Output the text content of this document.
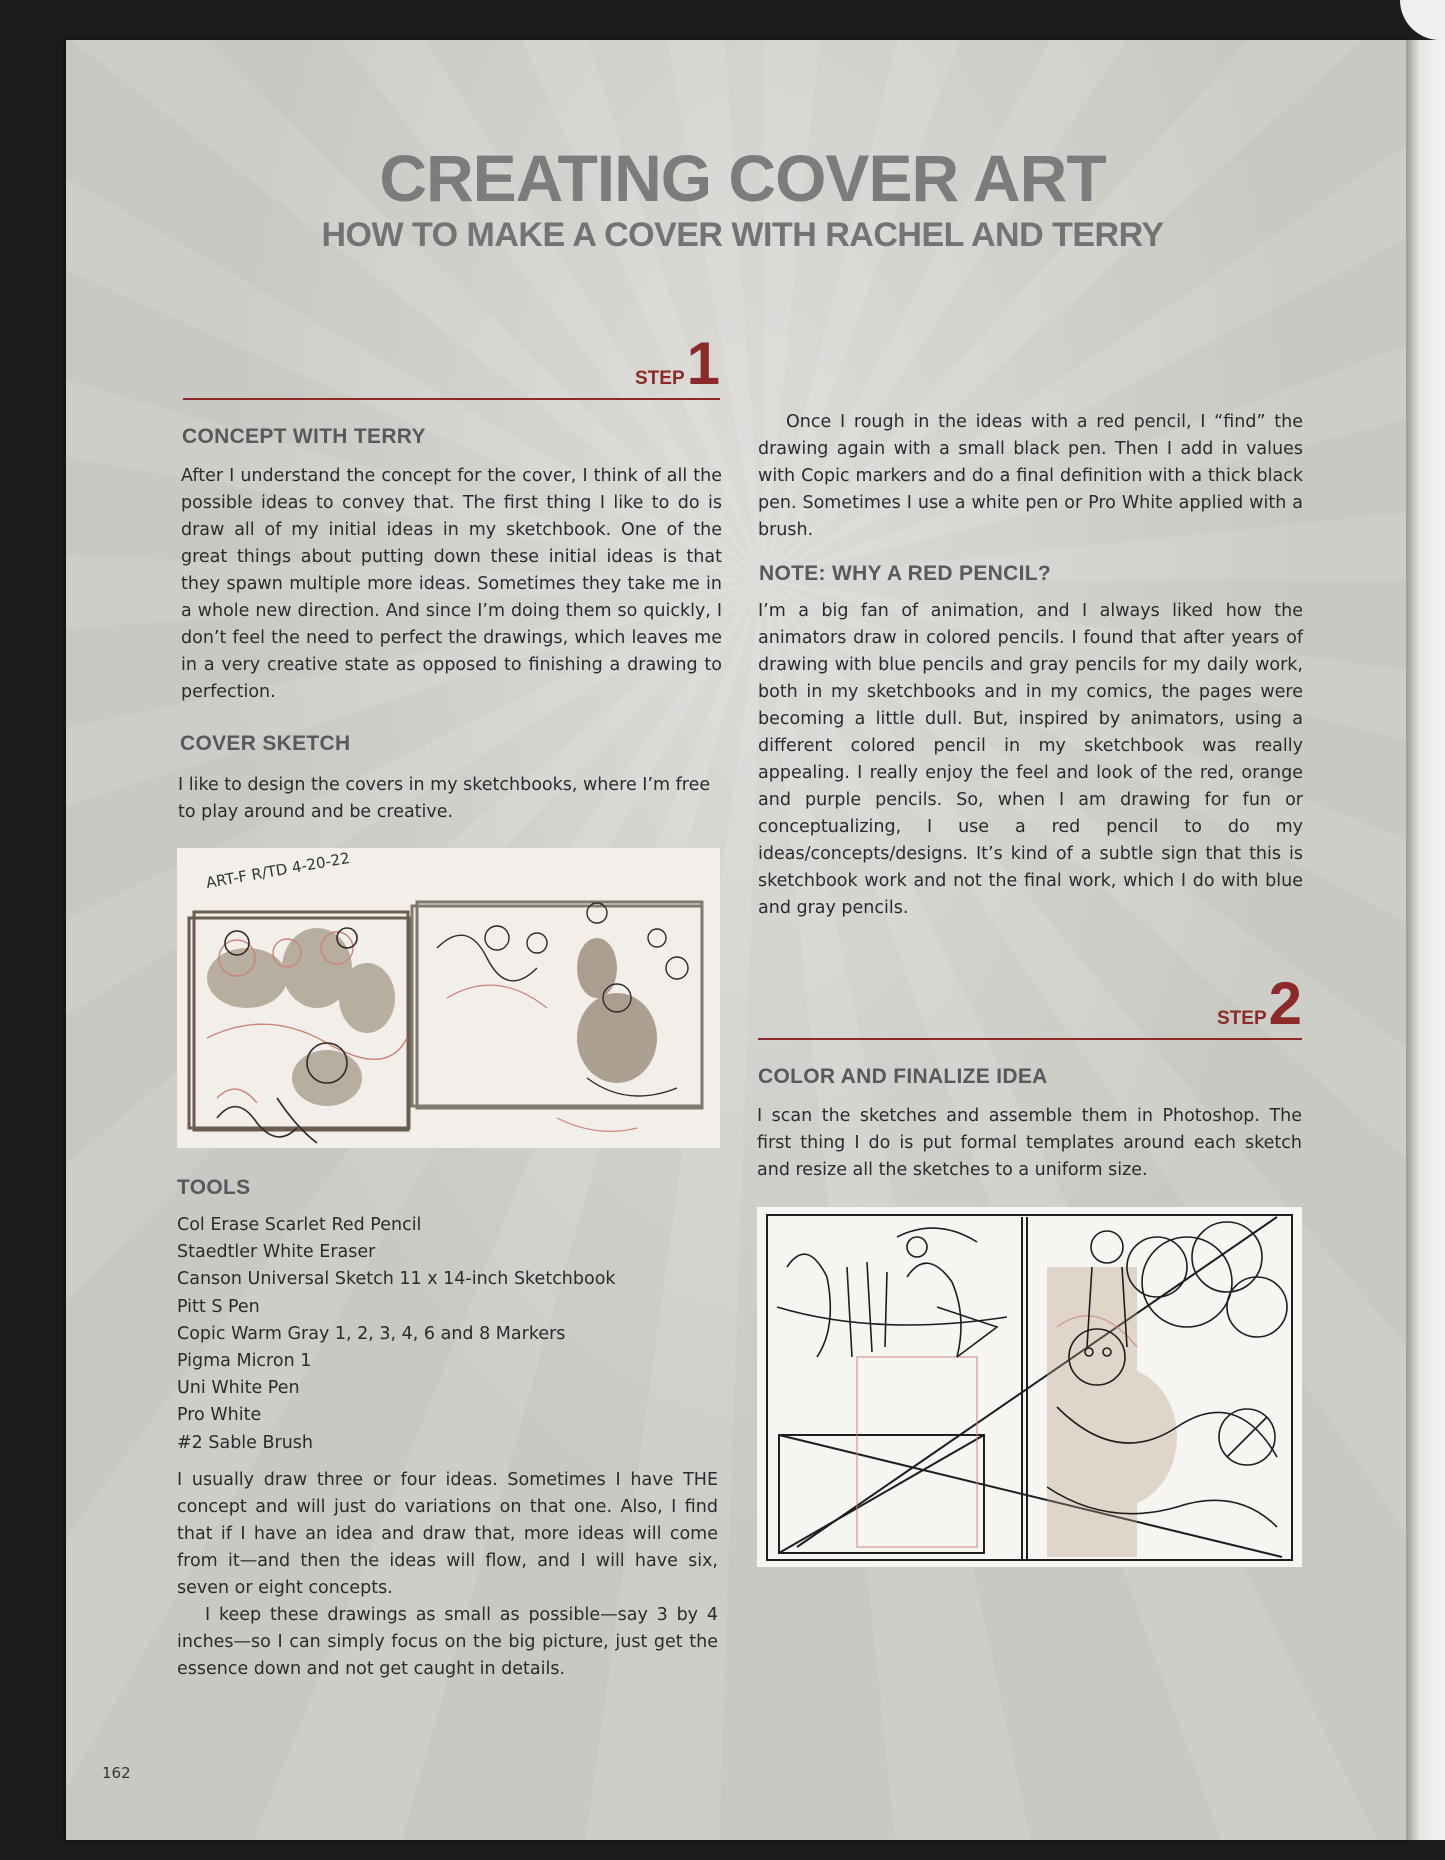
CREATING COVER ART
HOW TO MAKE A COVER WITH RACHEL AND TERRY
STEP1
CONCEPT WITH TERRY

After I understand the concept for the cover, I think of all the possible ideas to convey that. The first thing I like to do is draw all of my initial ideas in my sketchbook. One of the great things about putting down these initial ideas is that they spawn multiple more ideas. Sometimes they take me in a whole new direction. And since I’m doing them so quickly, I don’t feel the need to perfect the drawings, which leaves me in a very creative state as opposed to finishing a drawing to perfection.

COVER SKETCH

I like to design the covers in my sketchbooks, where I’m free to play around and be creative.

ART-F R/TD 4-20-22
TOOLS
Col Erase Scarlet Red Pencil
Staedtler White Eraser
Canson Universal Sketch 11 x 14-inch Sketchbook
Pitt S Pen
Copic Warm Gray 1, 2, 3, 4, 6 and 8 Markers
Pigma Micron 1
Uni White Pen
Pro White
#2 Sable Brush

I usually draw three or four ideas. Sometimes I have THE concept and will just do variations on that one. Also, I find that if I have an idea and draw that, more ideas will come from it—and then the ideas will flow, and I will have six, seven or eight concepts.

I keep these drawings as small as possible—say 3 by 4 inches—so I can simply focus on the big picture, just get the essence down and not get caught in details.

Once I rough in the ideas with a red pencil, I “find” the drawing again with a small black pen. Then I add in values with Copic markers and do a final definition with a thick black pen. Sometimes I use a white pen or Pro White applied with a brush.

NOTE: WHY A RED PENCIL?

I’m a big fan of animation, and I always liked how the animators draw in colored pencils. I found that after years of drawing with blue pencils and gray pencils for my daily work, both in my sketchbooks and in my comics, the pages were becoming a little dull. But, inspired by animators, using a different colored pencil in my sketchbook was really appealing. I really enjoy the feel and look of the red, orange and purple pencils. So, when I am drawing for fun or conceptualizing, I use a red pencil to do my ideas/concepts/designs. It’s kind of a subtle sign that this is sketchbook work and not the final work, which I do with blue and gray pencils.

STEP2
COLOR AND FINALIZE IDEA

I scan the sketches and assemble them in Photoshop. The first thing I do is put formal templates around each sketch and resize all the sketches to a uniform size.

162
